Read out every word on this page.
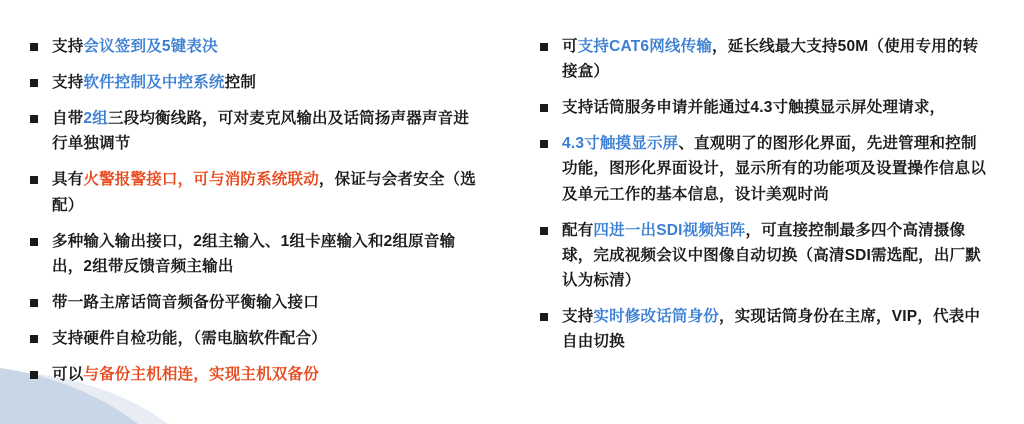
支持会议签到及5键表决
支持软件控制及中控系统控制
自带2组三段均衡线路，可对麦克风输出及话筒扬声器声音进行单独调节
具有火警报警接口，可与消防系统联动，保证与会者安全（选配）
多种输入输出接口，2组主输入、1组卡座输入和2组原音输出，2组带反馈音频主输出
带一路主席话筒音频备份平衡输入接口
支持硬件自检功能，（需电脑软件配合）
可以与备份主机相连，实现主机双备份
可支持CAT6网线传输，延长线最大支持50M（使用专用的转接盒）
支持话筒服务申请并能通过4.3寸触摸显示屏处理请求，
4.3寸触摸显示屏、直观明了的图形化界面，先进管理和控制功能，图形化界面设计，显示所有的功能项及设置操作信息以及单元工作的基本信息，设计美观时尚
配有四进一出SDI视频矩阵，可直接控制最多四个高清摄像球，完成视频会议中图像自动切换（高清SDI需选配，出厂默认为标清）
支持实时修改话筒身份，实现话筒身份在主席，VIP，代表中自由切换
